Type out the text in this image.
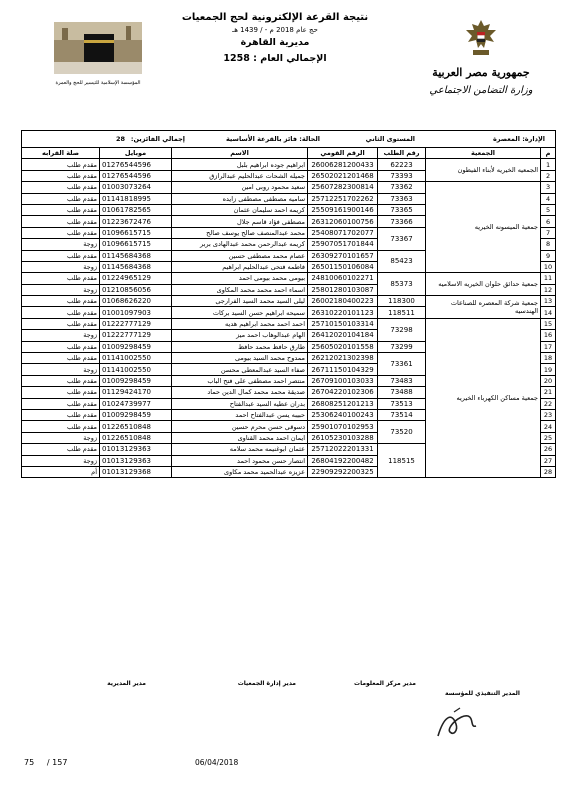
جمهورية مصر العربية
وزارة التضامن الاجتماعي
نتيجة القرعة الإلكترونية لحج الجمعيات
حج عام 2018 م - / 1439 هـ
مديرية القاهرة
الإجمالي العام : 1258
المؤسسة الإسلامية للتيسير للحج والعمرة
الإدارة: المعصرة
المستوى الثاني
الحالة: فائز بالقرعة الأساسية
إجمالي الفائزين:
28						

م	الجمعية	رقم الطلب	الرقم القومي	الاسم	موبايل	صلة القرابه
1	الجمعيه الخيريه لأبناء الفيطون	62223	26006281200433	ابراهيم جوده ابراهيم بلبل	01276544596	مقدم طلب
2		73393	26502021201468	جميله الشحات عبدالحليم عبدالرازق	01276544596	مقدم طلب
3	جمعية الميسونه الخيريه	73362	25607282300814	سعيد محمود روبى امين	01003073264	مقدم طلب
4		73363	25712251702262	ساميه مصطفى مصطفى زايده	01141818995	مقدم طلب
5		73365	25509161900146	كريمه احمد سليمان عثمان	01061782565	مقدم طلب
6		73366	26312060100756	مصطفى فؤاد قاسم جلال	01223672476	مقدم طلب
7		73367	25408071702077	محمد عبدالمنصف صالح يوسف صالح	01096615715	مقدم طلب
8			25907051701844	كريمه عبدالرحمن محمد عبدالهادى بربر	01096615715	زوجة
9		85423	26309270101657	عصام محمد مصطفى حسين	01145684368	مقدم طلب
10			26501150106084	فاطمه فتحى عبدالحليم ابراهيم	01145684368	زوجة
11	جمعية حدائق حلوان الخيريه الاسلاميه	85373	24810060102271	بيومى محمد بيومى احمد	01224965129	مقدم طلب
12			25801280103087	اسماء احمد محمد محمد المكاوى	01210856056	زوجة
13	جمعية شركة المعصره للصناعات الهندسيه	118300	26002180400223	ليلى السيد محمد السيد الفرارجى	01068626220	مقدم طلب
14		118511	26310220101123	سميحه ابراهيم حسن السيد بركات	01001097903	مقدم طلب
15	جمعية مساكن الكهرباء الخيريه	73298	25710150103314	احمد احمد محمد ابراهيم هديه	01222777129	مقدم طلب
16			26412020104184	الهام عبدالوهاب احمد ميز	01222777129	زوجة
17		73299	25605020101558	طارق حافظ محمد حافظ	01009298459	مقدم طلب
18		73361	26212021302398	ممدوح محمد السيد بيومى	01141002550	مقدم طلب
19			26711150104329	صفاء السيد عبدالمعطى محسن	01141002550	زوجة
20		73483	26709100103033	منتصر احمد مصطفى على فتح الباب	01009298459	مقدم طلب
21		73488	26704220102306	صديقة محمد محمد كمال الدين حماد	01129424170	مقدم طلب
22		73513	26808251201213	بدران عطيه السيد عبدالفتاح	01024739977	مقدم طلب
23		73514	25306240100243	حبيبه يسن عبدالفتاح احمد	01009298459	مقدم طلب
24		73520	25901070102953	دسوقى حسن محرم حسين	01226510848	مقدم طلب
25			26105230103288	ايمان احمد محمد القناوى	01226510848	زوجة
26		118515	25712022201331	عثمان ابوغنيمه محمد سلامه	01013129363	مقدم طلب
27			26804192200482	انتصار حسن محمود احمد	01013129363	زوجة
28			22909292200325	عزيزه عبدالحميد محمد مكاوى	01013129368	أم
مدير مركز المعلومات
مدير إدارة الجمعيات
مدير المديرية
المدير التنفيذي للمؤسسة
06/04/2018
75 / 157
